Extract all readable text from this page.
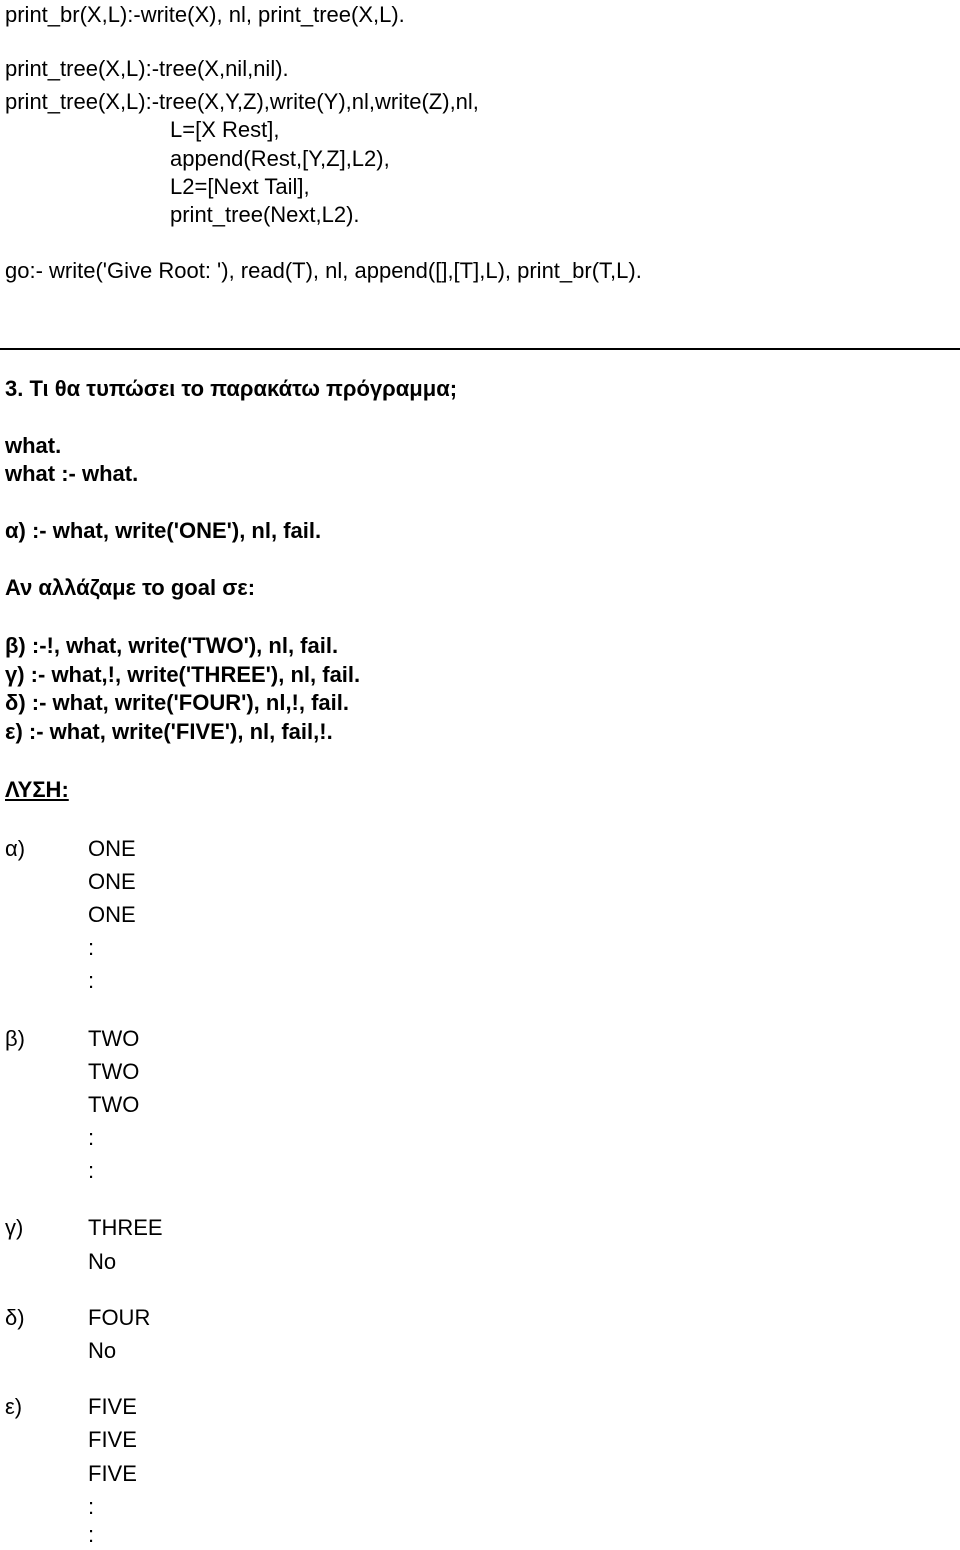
print_br(X,L):-write(X), nl, print_tree(X,L).
print_tree(X,L):-tree(X,nil,nil).
print_tree(X,L):-tree(X,Y,Z),write(Y),nl,write(Z),nl,
L=[X Rest],
append(Rest,[Y,Z],L2),
L2=[Next Tail],
print_tree(Next,L2).
go:- write('Give Root: '), read(T), nl, append([],[T],L), print_br(T,L).
3. Τι θα τυπώσει το παρακάτω πρόγραμμα;
what.
what :- what.
α) :- what, write('ONE'), nl, fail.
Αν αλλάζαμε το goal σε:
β) :-!, what, write('TWO'), nl, fail.
γ) :- what,!, write('THREE'), nl, fail.
δ) :- what, write('FOUR'), nl,!, fail.
ε) :- what, write('FIVE'), nl, fail,!.
ΛΥΣΗ:
α)	ONE
ONE
ONE
:
:
β)	TWO
TWO
TWO
:
:
γ)	THREE
No
δ)	FOUR
No
ε)	FIVE
FIVE
FIVE
:
:
